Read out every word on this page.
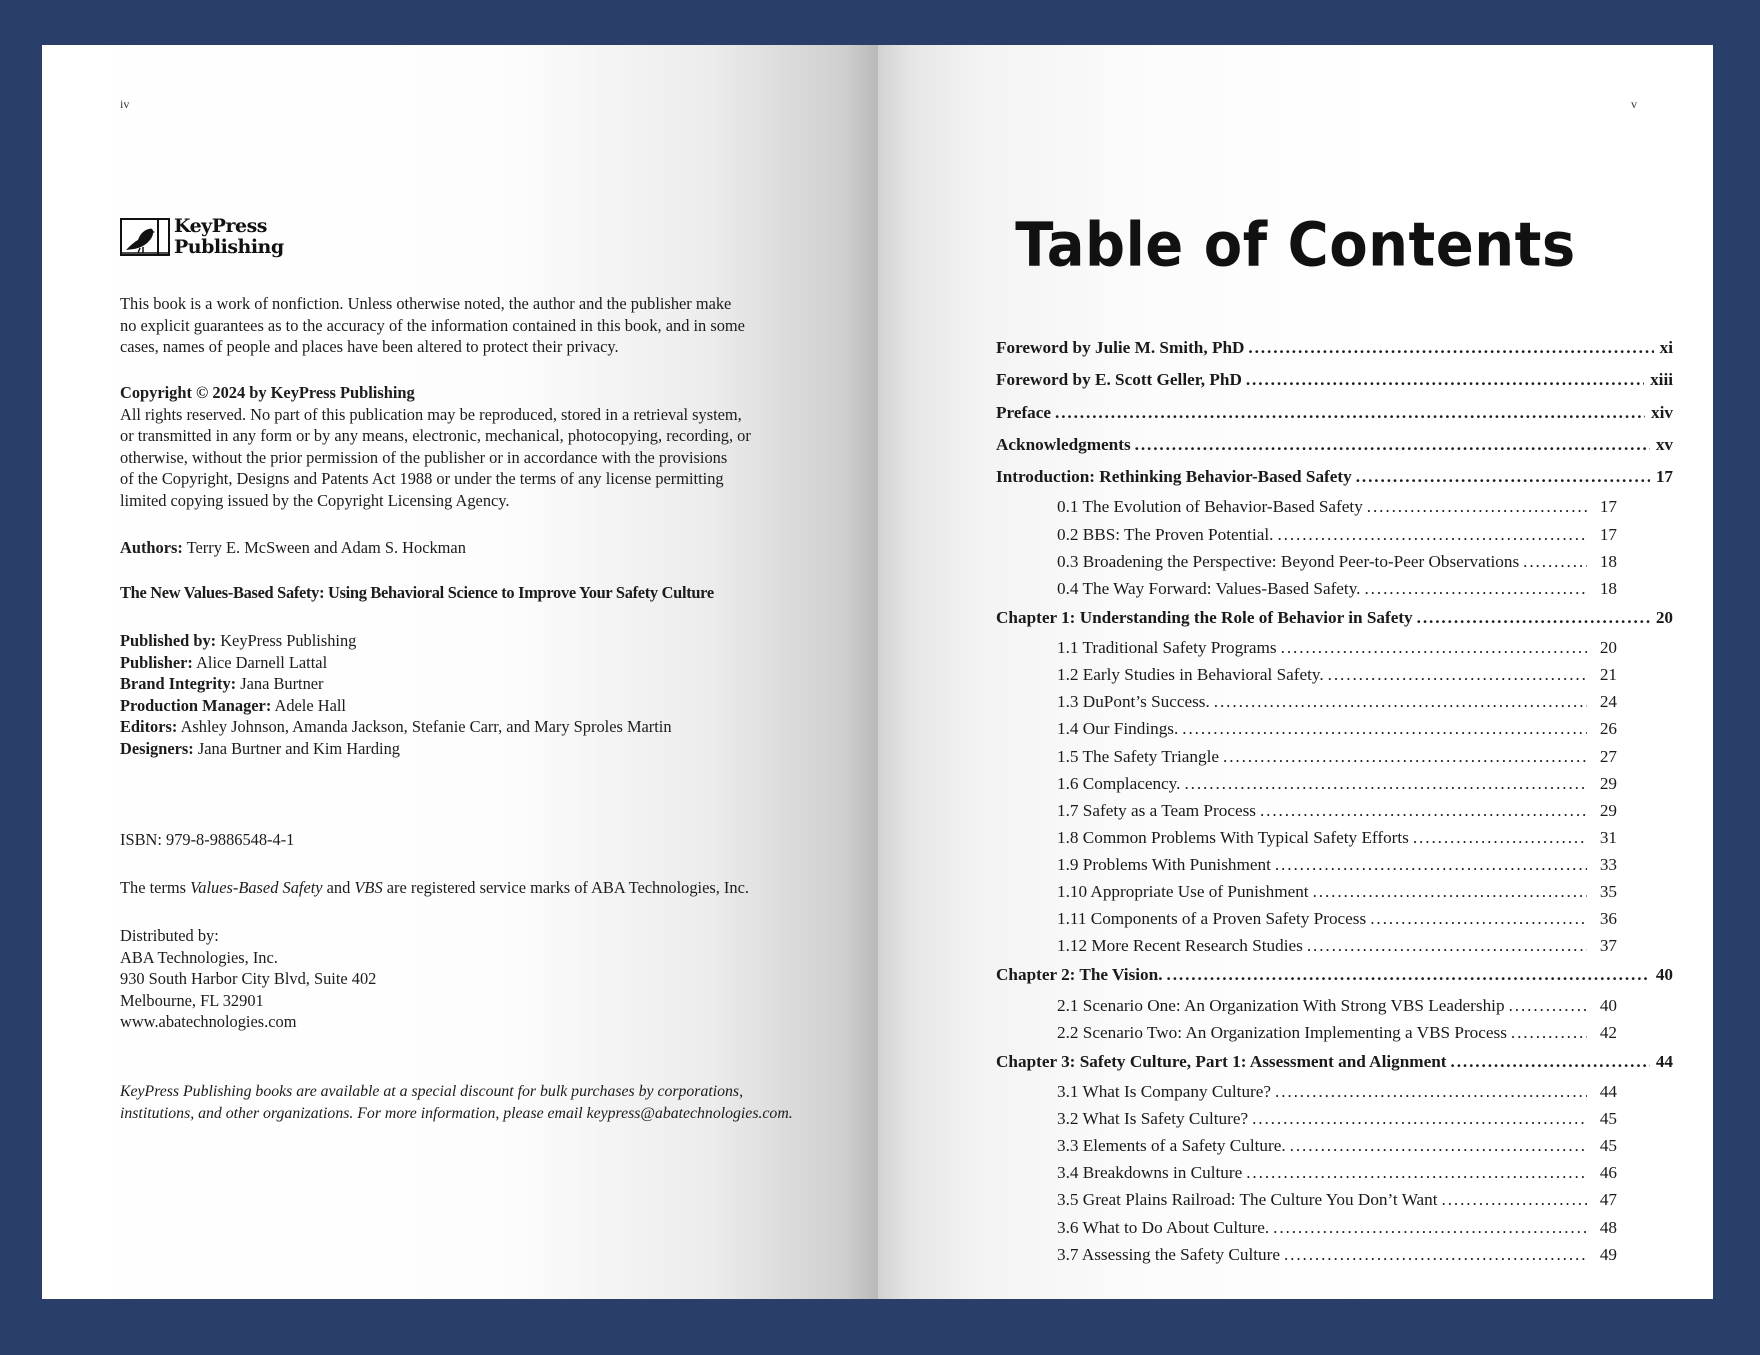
iv
KeyPress
Publishing
This book is a work of nonfiction. Unless otherwise noted, the author and the publisher make
no explicit guarantees as to the accuracy of the information contained in this book, and in some
cases, names of people and places have been altered to protect their privacy.
Copyright © 2024 by KeyPress Publishing
All rights reserved. No part of this publication may be reproduced, stored in a retrieval system,
or transmitted in any form or by any means, electronic, mechanical, photocopying, recording, or
otherwise, without the prior permission of the publisher or in accordance with the provisions
of the Copyright, Designs and Patents Act 1988 or under the terms of any license permitting
limited copying issued by the Copyright Licensing Agency.
Authors: Terry E. McSween and Adam S. Hockman
The New Values-Based Safety: Using Behavioral Science to Improve Your Safety Culture
Published by: KeyPress Publishing
Publisher: Alice Darnell Lattal
Brand Integrity: Jana Burtner
Production Manager: Adele Hall
Editors: Ashley Johnson, Amanda Jackson, Stefanie Carr, and Mary Sproles Martin
Designers: Jana Burtner and Kim Harding
ISBN: 979-8-9886548-4-1
The terms Values-Based Safety and VBS are registered service marks of ABA Technologies, Inc.
Distributed by:
ABA Technologies, Inc.
930 South Harbor City Blvd, Suite 402
Melbourne, FL 32901
www.abatechnologies.com
KeyPress Publishing books are available at a special discount for bulk purchases by corporations,
institutions, and other organizations. For more information, please email keypress@abatechnologies.com.
v
Table of Contents
Foreword by Julie M. Smith, PhD . . .	xi
Foreword by E. Scott Geller, PhD . . .	xiii
Preface . . .	xiv
Acknowledgments . . .	xv
Introduction: Rethinking Behavior-Based Safety . . .	17
0.1 The Evolution of Behavior-Based Safety . . .	17
0.2 BBS: The Proven Potential. . . .	17
0.3 Broadening the Perspective: Beyond Peer-to-Peer Observations . . .	18
0.4 The Way Forward: Values-Based Safety. . . .	18
Chapter 1: Understanding the Role of Behavior in Safety . . .	20
1.1 Traditional Safety Programs . . .	20
1.2 Early Studies in Behavioral Safety. . . .	21
1.3 DuPont’s Success. . . .	24
1.4 Our Findings. . . .	26
1.5 The Safety Triangle . . .	27
1.6 Complacency. . . .	29
1.7 Safety as a Team Process . . .	29
1.8 Common Problems With Typical Safety Efforts . . .	31
1.9 Problems With Punishment . . .	33
1.10 Appropriate Use of Punishment . . .	35
1.11 Components of a Proven Safety Process . . .	36
1.12 More Recent Research Studies . . .	37
Chapter 2: The Vision. . . .	40
2.1 Scenario One: An Organization With Strong VBS Leadership . . .	40
2.2 Scenario Two: An Organization Implementing a VBS Process . . .	42
Chapter 3: Safety Culture, Part 1: Assessment and Alignment . . .	44
3.1 What Is Company Culture? . . .	44
3.2 What Is Safety Culture? . . .	45
3.3 Elements of a Safety Culture. . . .	45
3.4 Breakdowns in Culture . . .	46
3.5 Great Plains Railroad: The Culture You Don’t Want . . .	47
3.6 What to Do About Culture. . . .	48
3.7 Assessing the Safety Culture . . .	49
